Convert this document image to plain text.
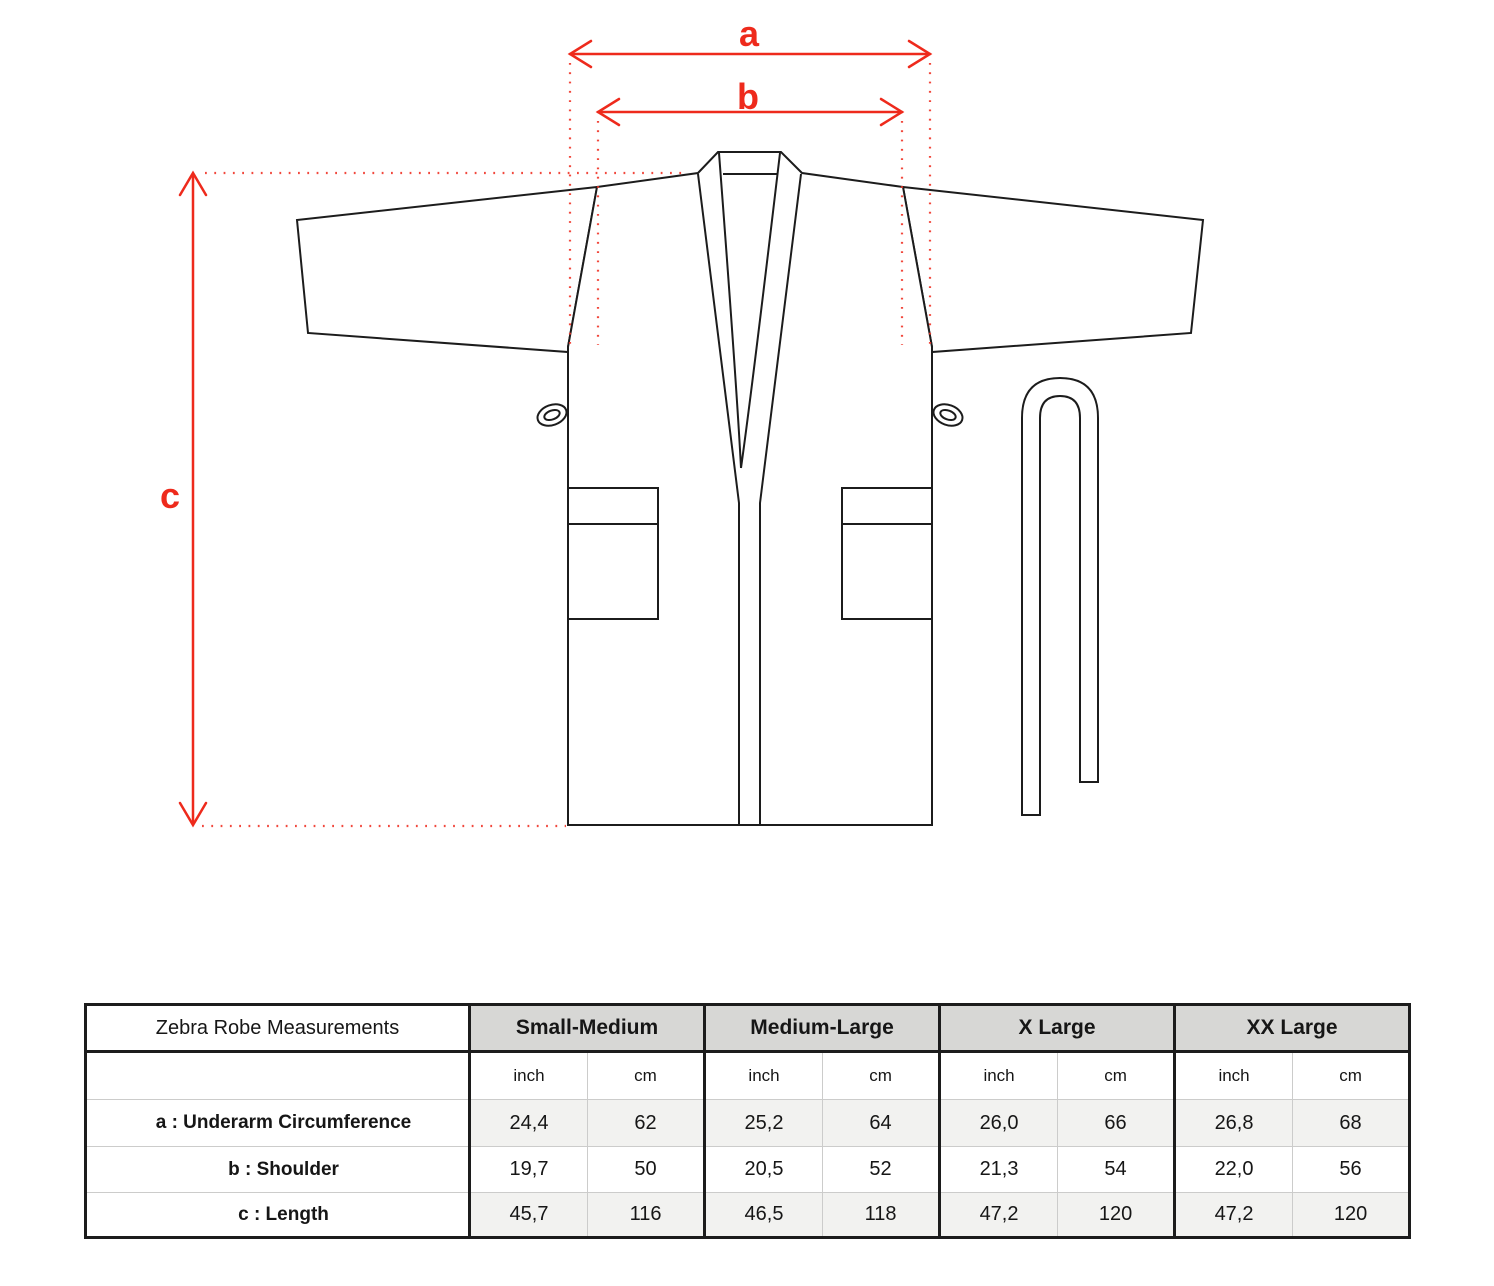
a
b
c
Zebra Robe Measurements	Small-Medium		Medium-Large		X Large		XX Large	
	inch	cm	inch	cm	inch	cm	inch	cm
a : Underarm Circumference	24,4	62	25,2	64	26,0	66	26,8	68
b : Shoulder	19,7	50	20,5	52	21,3	54	22,0	56
c : Length	45,7	116	46,5	118	47,2	120	47,2	120
